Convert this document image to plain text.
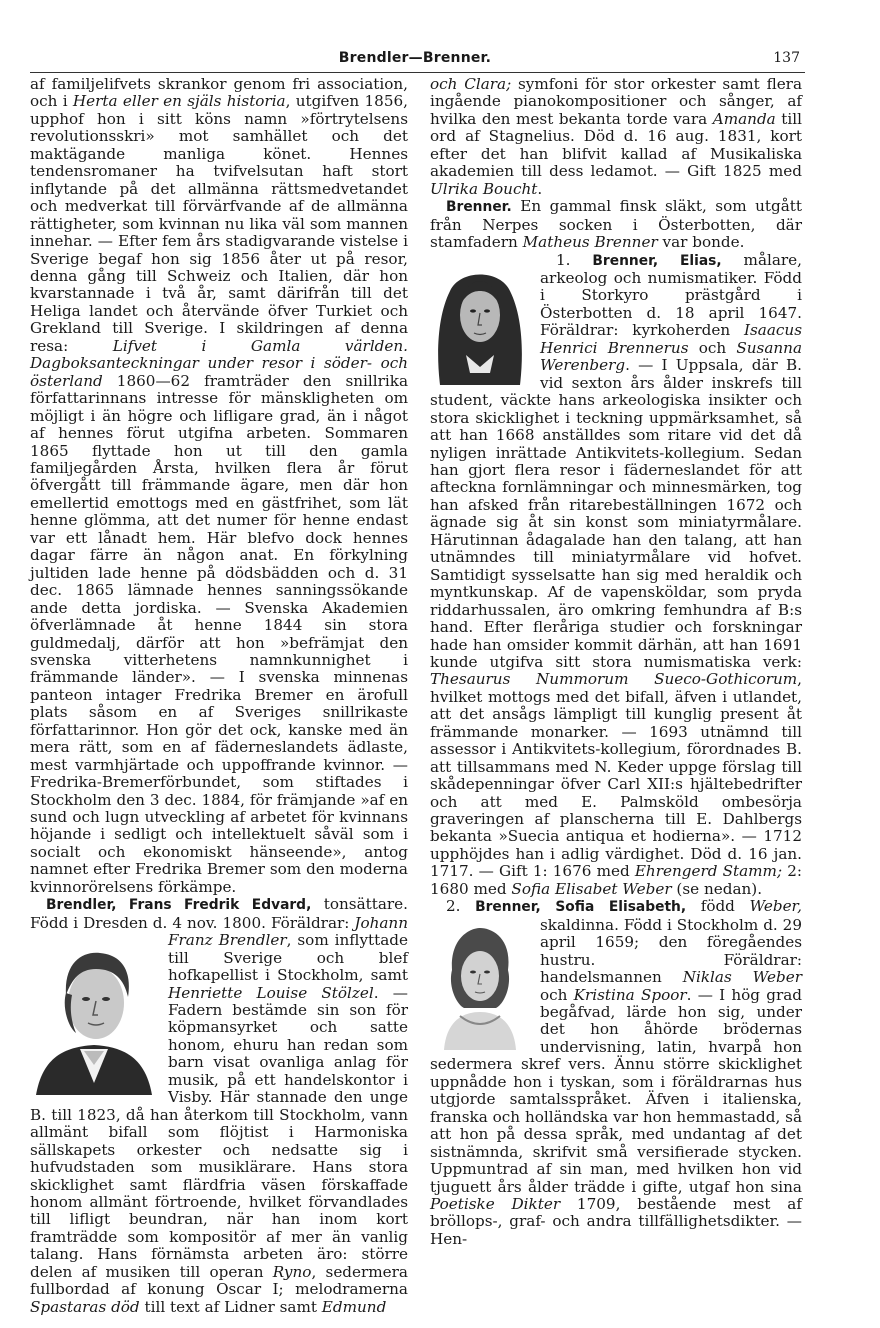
Brendler—Brenner.	137

af familjelifvets skrankor genom fri association, och i Herta eller en själs historia, utgifven 1856, upphof hon i sitt köns namn »förtrytelsens revolutionsskri» mot samhället och det maktägande manliga könet. Hennes tendensromaner ha tvifvelsutan haft stort inflytande på det allmänna rättsmedvetandet och medverkat till förvärfvande af de allmänna rättigheter, som kvinnan nu lika väl som mannen innehar. — Efter fem års stadigvarande vistelse i Sverige begaf hon sig 1856 åter ut på resor, denna gång till Schweiz och Italien, där hon kvarstannade i två år, samt därifrån till det Heliga landet och återvände öfver Turkiet och Grekland till Sverige. I skildringen af denna resa: Lifvet i Gamla världen. Dagboksanteckningar under resor i söder- och österland 1860—62 framträder den snillrika författarinnans intresse för mänskligheten om möjligt i än högre och lifligare grad, än i något af hennes förut utgifna arbeten. Sommaren 1865 flyttade hon ut till den gamla familjegården Årsta, hvilken flera år förut öfvergått till främmande ägare, men där hon emellertid emottogs med en gästfrihet, som lät henne glömma, att det numer för henne endast var ett lånadt hem. Här blefvo dock hennes dagar färre än någon anat. En förkylning jultiden lade henne på dödsbädden och d. 31 dec. 1865 lämnade hennes sanningssökande ande detta jordiska. — Svenska Akademien öfverlämnade åt henne 1844 sin stora guldmedalj, därför att hon »befrämjat den svenska vitterhetens namnkunnighet i främmande länder». — I svenska minnenas panteon intager Fredrika Bremer en ärofull plats såsom en af Sveriges snillrikaste författarinnor. Hon gör det ock, kanske med än mera rätt, som en af fäderneslandets ädlaste, mest varmhjärtade och uppoffrande kvinnor. — Fredrika-Bremerförbundet, som stiftades i Stockholm den 3 dec. 1884, för främjande »af en sund och lugn utveckling af arbetet för kvinnans höjande i sedligt och intellektuelt såväl som i socialt och ekonomiskt hänseende», antog namnet efter Fredrika Bremer som den moderna kvinnorörelsens förkämpe.

Brendler, Frans Fredrik Edvard, tonsättare. Född i Dresden d. 4 nov. 1800. Föräldrar:
Johann Franz Brendler, som inflyttade till Sverige och blef hofkapellist i Stockholm, samt Henriette Louise Stölzel. — Fadern bestämde sin son för köpmansyrket och satte honom, ehuru han redan som barn visat ovanliga anlag för musik, på ett handelskontor i Visby. Här stannade den unge B. till 1823, då han återkom till Stockholm, vann allmänt bifall som flöjtist i Harmoniska sällskapets orkester och nedsatte sig i hufvudstaden som musiklärare. Hans stora skicklighet samt flärdfria väsen förskaffade honom allmänt förtroende, hvilket förvandlades till lifligt beundran, när han inom kort framträdde som kompositör af mer än vanlig talang. Hans förnämsta arbeten äro: större delen af musiken till operan Ryno, sedermera fullbordad af konung Oscar I; melodramerna Spastaras död till text af Lidner samt Edmund

och Clara; symfoni för stor orkester samt flera ingående pianokompositioner och sånger, af hvilka den mest bekanta torde vara Amanda till ord af Stagnelius. Död d. 16 aug. 1831, kort efter det han blifvit kallad af Musikaliska akademien till dess ledamot. — Gift 1825 med Ulrika Boucht.

Brenner. En gammal finsk släkt, som utgått från Nerpes socken i Österbotten, där stamfadern Matheus Brenner var bonde.

1. Brenner, Elias,
målare, arkeolog och numismatiker. Född i Storkyro prästgård i Österbotten d. 18 april 1647. Föräldrar: kyrkoherden Isaacus Henrici Brennerus och Susanna Werenberg. — I Uppsala, där B. vid sexton års ålder inskrefs till student, väckte hans arkeologiska insikter och stora skicklighet i teckning uppmärksamhet, så att han 1668 anställdes som ritare vid det då nyligen inrättade Antikvitets-kollegium. Sedan han gjort flera resor i fäderneslandet för att afteckna fornlämningar och minnesmärken, tog han afsked från ritarebeställningen 1672 och ägnade sig åt sin konst som miniatyrmålare. Härutinnan ådagalade han den talang, att han utnämndes till miniatyrmålare vid hofvet. Samtidigt sysselsatte han sig med heraldik och myntkunskap. Af de vapensköldar, som pryda riddarhussalen, äro omkring femhundra af B:s hand. Efter fleråriga studier och forskningar hade han omsider kommit därhän, att han 1691 kunde utgifva sitt stora numismatiska verk: Thesaurus Nummorum Sueco-Gothicorum, hvilket mottogs med det bifall, äfven i utlandet, att det ansågs lämpligt till kunglig present åt främmande monarker. — 1693 utnämnd till assessor i Antikvitets-kollegium, förordnades B. att tillsammans med N. Keder uppge förslag till skådepenningar öfver Carl XII:s hjältebedrifter och att med E. Palmsköld ombesörja graveringen af planscherna till E. Dahlbergs bekanta »Suecia antiqua et hodierna». — 1712 upphöjdes han i adlig värdighet. Död d. 16 jan. 1717. — Gift 1: 1676 med Ehrengerd Stamm; 2: 1680 med Sofia Elisabet Weber (se nedan).

2. Brenner, Sofia Elisabeth, född Weber,
skaldinna. Född i Stockholm d. 29 april 1659; den föregåendes hustru. Föräldrar: handelsmannen Niklas Weber och Kristina Spoor. — I hög grad begåfvad, lärde hon sig, under det hon åhörde brödernas undervisning, latin, hvarpå hon sedermera skref vers. Ännu större skicklighet uppnådde hon i tyskan, som i föräldrarnas hus utgjorde samtalsspråket. Äfven i italienska, franska och holländska var hon hemmastadd, så att hon på dessa språk, med undantag af det sistnämnda, skrifvit små versifierade stycken. Uppmuntrad af sin man, med hvilken hon vid tjuguett års ålder trädde i gifte, utgaf hon sina Poetiske Dikter 1709, bestående mest af bröllops-, graf- och andra tillfällighetsdikter. — Hen-
